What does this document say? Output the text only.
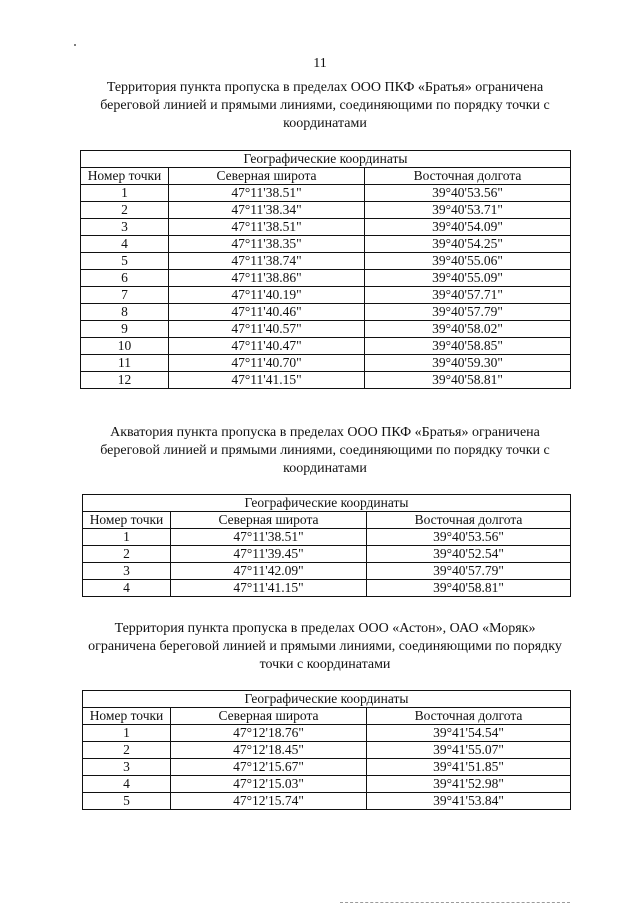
11
Территория пункта пропуска в пределах ООО ПКФ «Братья» ограничена
береговой линией и прямыми линиями, соединяющими по порядку точки с
координатами
Географические координаты		
Номер точки	Северная широта	Восточная долгота
1	47°11'38.51"	39°40'53.56"
2	47°11'38.34"	39°40'53.71"
3	47°11'38.51"	39°40'54.09"
4	47°11'38.35"	39°40'54.25"
5	47°11'38.74"	39°40'55.06"
6	47°11'38.86"	39°40'55.09"
7	47°11'40.19"	39°40'57.71"
8	47°11'40.46"	39°40'57.79"
9	47°11'40.57"	39°40'58.02"
10	47°11'40.47"	39°40'58.85"
11	47°11'40.70"	39°40'59.30"
12	47°11'41.15"	39°40'58.81"
Акватория пункта пропуска в пределах ООО ПКФ «Братья» ограничена
береговой линией и прямыми линиями, соединяющими по порядку точки с
координатами
Географические координаты		
Номер точки	Северная широта	Восточная долгота
1	47°11'38.51"	39°40'53.56"
2	47°11'39.45"	39°40'52.54"
3	47°11'42.09"	39°40'57.79"
4	47°11'41.15"	39°40'58.81"
Территория пункта пропуска в пределах ООО «Астон», ОАО «Моряк»
ограничена береговой линией и прямыми линиями, соединяющими по порядку
точки с координатами
Географические координаты		
Номер точки	Северная широта	Восточная долгота
1	47°12'18.76"	39°41'54.54"
2	47°12'18.45"	39°41'55.07"
3	47°12'15.67"	39°41'51.85"
4	47°12'15.03"	39°41'52.98"
5	47°12'15.74"	39°41'53.84"
